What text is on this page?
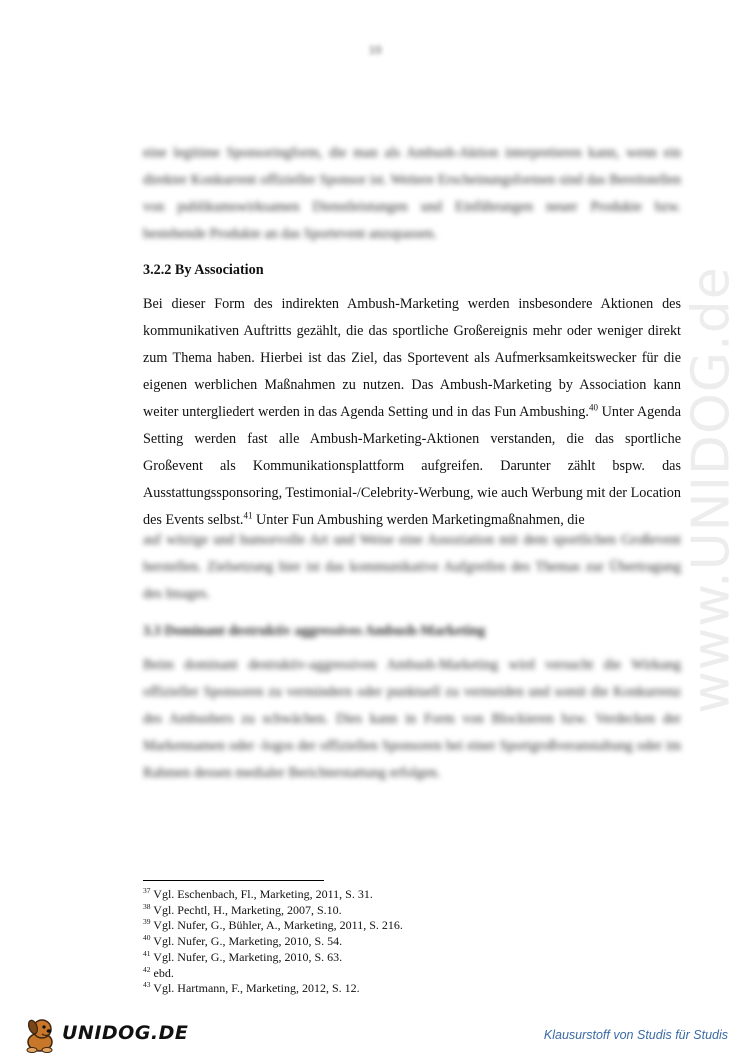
10

eine legitime Sponsoringform, die man als Ambush-Aktion interpretieren kann, wenn ein direkter Konkurrent offizieller Sponsor ist. Weitere Erscheinungsformen sind das Bereitstellen von publikumswirksamen Dienstleistungen und Einführungen neuer Produkte bzw. bestehende Produkte an das Sportevent anzupassen.

3.2.2 By Association

Bei dieser Form des indirekten Ambush-Marketing werden insbesondere Aktionen des kommunikativen Auftritts gezählt, die das sportliche Großereignis mehr oder weniger direkt zum Thema haben. Hierbei ist das Ziel, das Sportevent als Aufmerksamkeitswecker für die eigenen werblichen Maßnahmen zu nutzen. Das Ambush-Marketing by Association kann weiter untergliedert werden in das Agenda Setting und in das Fun Ambushing.$^{40}$ Unter Agenda Setting werden fast alle Ambush-Marketing-Aktionen verstanden, die das sportliche Großevent als Kommunikationsplattform aufgreifen. Darunter zählt bspw. das Ausstattungssponsoring, Testimonial-/Celebrity-Werbung, wie auch Werbung mit der Location des Events selbst.$^{41}$ Unter Fun Ambushing werden Marketingmaßnahmen, die

auf witzige und humorvolle Art und Weise eine Assoziation mit dem sportlichen Großevent herstellen. Zielsetzung hier ist das kommunikative Aufgreifen des Themas zur Übertragung des Images.

3.3 Dominant destruktiv aggressives Ambush-Marketing

Beim dominant destruktiv-aggressiven Ambush-Marketing wird versucht die Wirkung offizieller Sponsoren zu vermindern oder punktuell zu vermeiden und somit die Konkurrenz des Ambushers zu schwächen. Dies kann in Form von Blockieren bzw. Verdecken der Markennamen oder -logos der offiziellen Sponsoren bei einer Sportgroßveranstaltung oder im Rahmen dessen medialer Berichterstattung erfolgen.

$^{37}$ Vgl. Eschenbach, Fl., Marketing, 2011, S. 31.
$^{38}$ Vgl. Pechtl, H., Marketing, 2007, S.10.
$^{39}$ Vgl. Nufer, G., Bühler, A., Marketing, 2011, S. 216.
$^{40}$ Vgl. Nufer, G., Marketing, 2010, S. 54.
$^{41}$ Vgl. Nufer, G., Marketing, 2010, S. 63.
$^{42}$ ebd.
$^{43}$ Vgl. Hartmann, F., Marketing, 2012, S. 12.
www.UNIDOG.de
UNIDOG.DE	Klausurstoff von Studis für Studis
